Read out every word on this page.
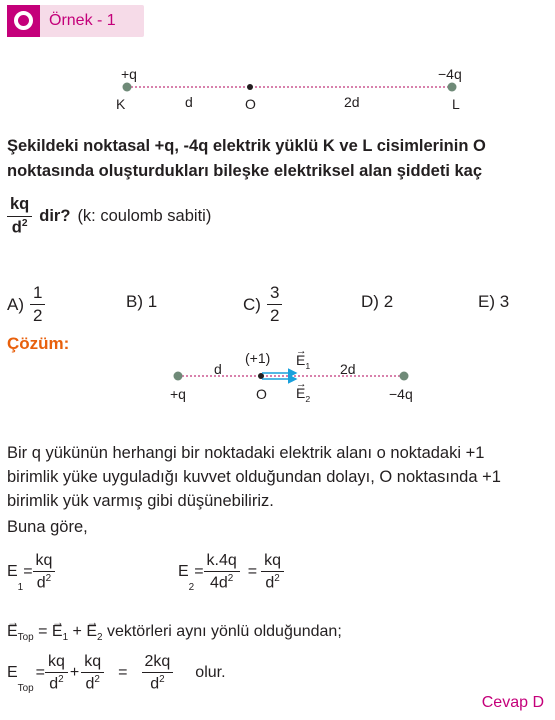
Örnek - 1
+q	−4q
K	d	O	2d	L
Şekildeki noktasal +q, -4q elektrik yüklü K ve L cisimlerinin O
noktasında oluşturdukları bileşke elektriksel alan şiddeti kaç
$\frac{kq}{d^2}$ dir? (k: coulomb sabiti)
$A) \frac{1}{2}$	B) 1	$C) \frac{3}{2}$	D) 2	E) 3
Çözüm:
(+1)
→ $E_1$
→ $E_2$
d	2d
+q	O	−4q
Bir q yükünün herhangi bir noktadaki elektrik alanı o noktadaki +1
birimlik yüke uyguladığı kuvvet olduğundan dolayı, O noktasında +1
birimlik yük varmış gibi düşünebiliriz.
Buna göre,
E
1
= $\frac{kq}{d^2}$	E
2
= $\frac{k.4q}{4d^2} = \frac{kq}{d^2}$
→ $E_{Top}$ = → $E_1$ + → $E_2$ vektörleri aynı yönlü olduğundan;
E
Top
= $\frac{kq}{d^2} + \frac{kq}{d^2} = \frac{2kq}{d^2}$ olur.
Cevap D
